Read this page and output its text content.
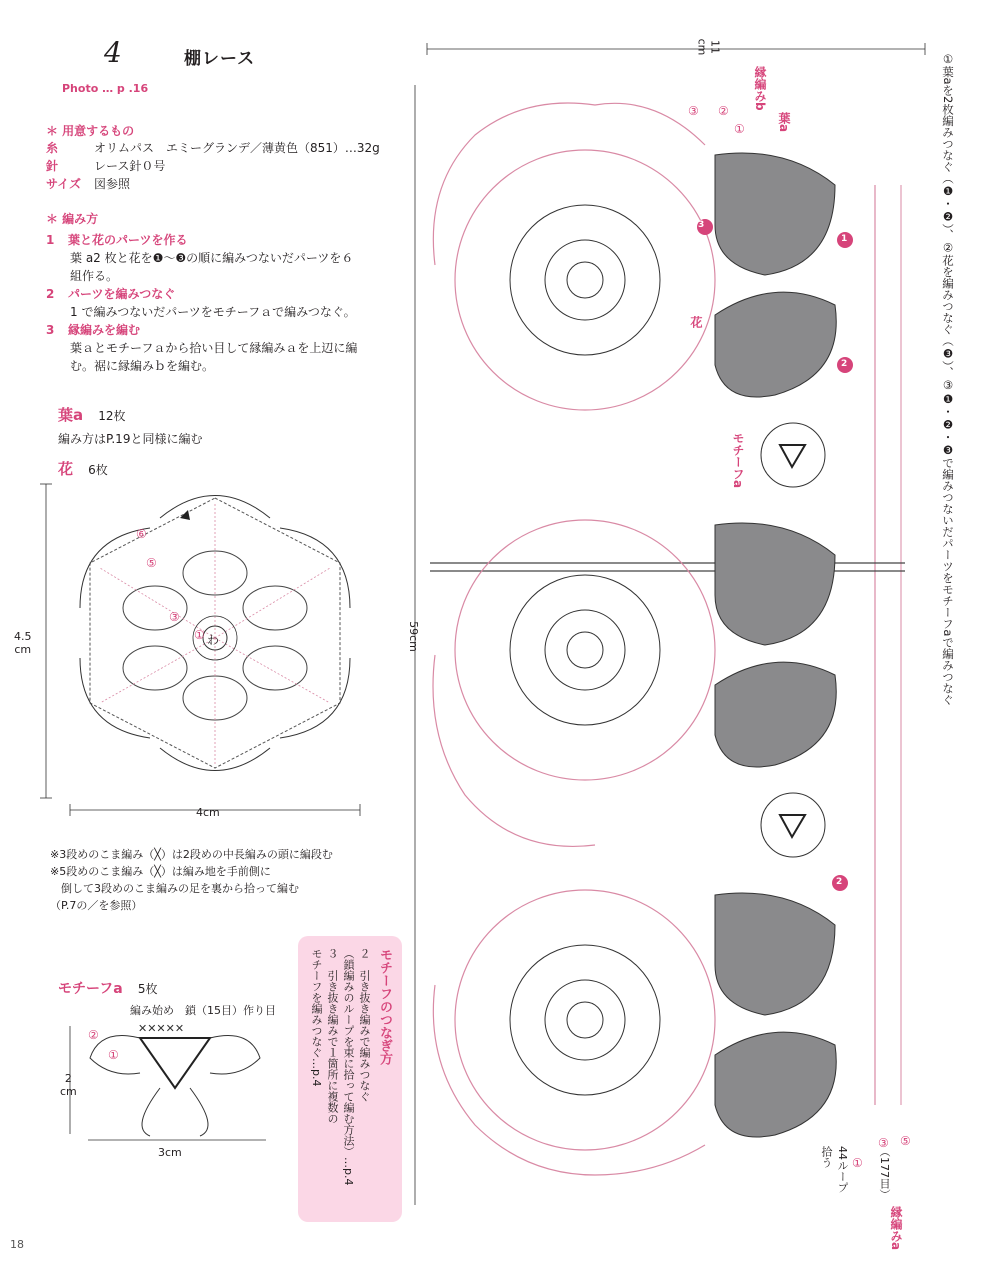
4	棚レース
Photo … p .16
＊ 用意するもの
糸	オリムパス　エミーグランデ／薄黄色（851）…32g
針	レース針０号
サイズ 図参照
＊ 編み方
1 葉と花のパーツを作る
葉 a2 枚と花を❶〜❸の順に編みつないだパーツを６
組作る。
2 パーツを編みつなぐ
1 で編みつないだパーツをモチーフａで編みつなぐ。
3 縁編みを編む
葉ａとモチーフａから拾い目して縁編みａを上辺に編
む。裾に縁編みｂを編む。
葉a 12枚
編み方はP.19と同様に編む
花 6枚
4.5
cm
4cm
わ
①
③
⑤
⑥
※3段めのこま編み（╳）は2段めの中長編みの頭に編段む
※5段めのこま編み（╳）は編み地を手前側に
　倒して3段めのこま編みの足を裏から拾って編む
（P.7の／を参照）
モチーフa 5枚
編み始め　鎖（15目）作り目
✕✕✕✕✕
②
①
2
cm
3cm
モチーフのつなぎ方
２　引き抜き編みで編みつなぐ
（鎖編みのループを束に拾って編む方法）…p.4
３　引き抜き編みで１箇所に複数の
モチーフを編みつなぐ…p.4
11
cm
59cm
縁編みb
葉a
花
モチーフa
縁編みa
44ループ
拾う	（177目）
③ ②
①
③ ⑤
①
3
1
2
2
①葉aを2枚編みつなぐ（❶・❷）、②花を編みつなぐ（❸）、③❶・❷・❸で編みつないだパーツをモチーフaで編みつなぐ
18
